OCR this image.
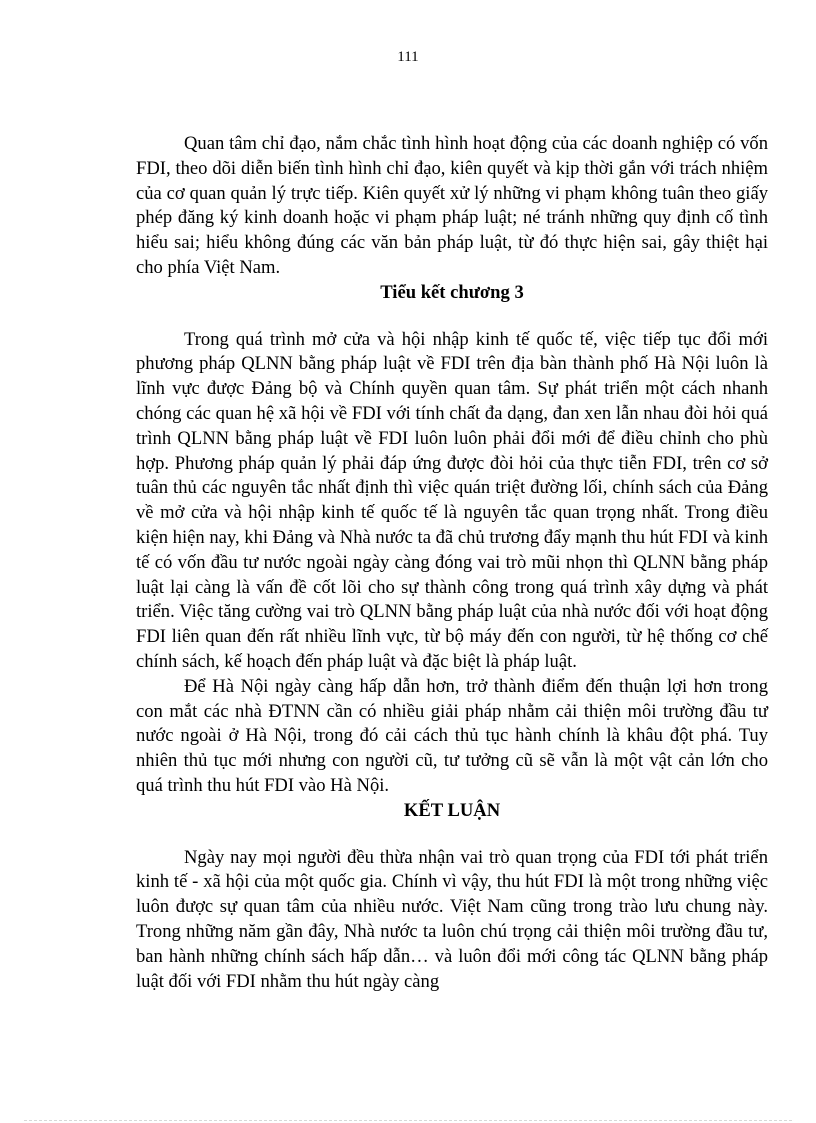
111

Quan tâm chỉ đạo, nắm chắc tình hình hoạt động của các doanh nghiệp có vốn FDI, theo dõi diễn biến tình hình chỉ đạo, kiên quyết và kịp thời gắn với trách nhiệm của cơ quan quản lý trực tiếp. Kiên quyết xử lý những vi phạm không tuân theo giấy phép đăng ký kinh doanh hoặc vi phạm pháp luật; né tránh những quy định cố tình hiểu sai; hiểu không đúng các văn bản pháp luật, từ đó thực hiện sai, gây thiệt hại cho phía Việt Nam.

Tiểu kết chương 3

Trong quá trình mở cửa và hội nhập kinh tế quốc tế, việc tiếp tục đổi mới phương pháp QLNN bằng pháp luật về FDI trên địa bàn thành phố Hà Nội luôn là lĩnh vực được Đảng bộ và Chính quyền quan tâm. Sự phát triển một cách nhanh chóng các quan hệ xã hội về FDI với tính chất đa dạng, đan xen lẫn nhau đòi hỏi quá trình QLNN bằng pháp luật về FDI luôn luôn phải đổi mới để điều chỉnh cho phù hợp. Phương pháp quản lý phải đáp ứng được đòi hỏi của thực tiễn FDI, trên cơ sở tuân thủ các nguyên tắc nhất định thì việc quán triệt đường lối, chính sách của Đảng về mở cửa và hội nhập kinh tế quốc tế là nguyên tắc quan trọng nhất. Trong điều kiện hiện nay, khi Đảng và Nhà nước ta đã chủ trương đẩy mạnh thu hút FDI và kinh tế có vốn đầu tư nước ngoài ngày càng đóng vai trò mũi nhọn thì QLNN bằng pháp luật lại càng là vấn đề cốt lõi cho sự thành công trong quá trình xây dựng và phát triển. Việc tăng cường vai trò QLNN bằng pháp luật của nhà nước đối với hoạt động FDI liên quan đến rất nhiều lĩnh vực, từ bộ máy đến con người, từ hệ thống cơ chế chính sách, kế hoạch đến pháp luật và đặc biệt là pháp luật.

Để Hà Nội ngày càng hấp dẫn hơn, trở thành điểm đến thuận lợi hơn trong con mắt các nhà ĐTNN cần có nhiều giải pháp nhằm cải thiện môi trường đầu tư nước ngoài ở Hà Nội, trong đó cải cách thủ tục hành chính là khâu đột phá. Tuy nhiên thủ tục mới nhưng con người cũ, tư tưởng cũ sẽ vẫn là một vật cản lớn cho quá trình thu hút FDI vào Hà Nội.

KẾT LUẬN

Ngày nay mọi người đều thừa nhận vai trò quan trọng của FDI tới phát triển kinh tế - xã hội của một quốc gia. Chính vì vậy, thu hút FDI là một trong những việc luôn được sự quan tâm của nhiều nước. Việt Nam cũng trong trào lưu chung này. Trong những năm gần đây, Nhà nước ta luôn chú trọng cải thiện môi trường đầu tư, ban hành những chính sách hấp dẫn… và luôn đổi mới công tác QLNN bằng pháp luật đối với FDI nhằm thu hút ngày càng
